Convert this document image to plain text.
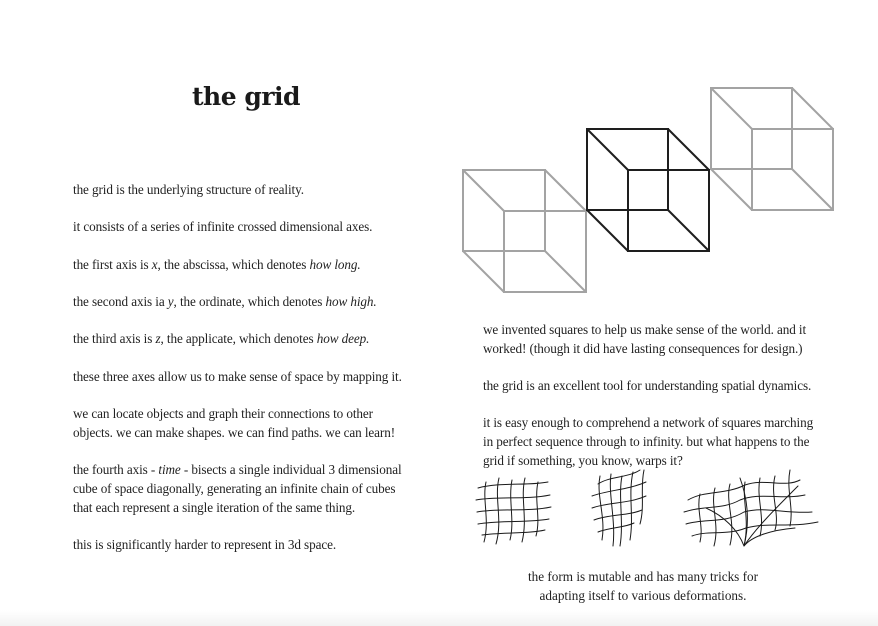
the grid
the grid is the underlying structure of reality.
it consists of a series of infinite crossed dimensional axes.
the first axis is x, the abscissa, which denotes how long.
the second axis ia y, the ordinate, which denotes how high.
the third axis is z, the applicate, which denotes how deep.
these three axes allow us to make sense of space by mapping it.
we can locate objects and graph their connections to other
objects. we can make shapes. we can find paths. we can learn!
the fourth axis - time - bisects a single individual 3 dimensional
cube of space diagonally, generating an infinite chain of cubes
that each represent a single iteration of the same thing.
this is significantly harder to represent in 3d space.
we invented squares to help us make sense of the world. and it
worked! (though it did have lasting consequences for design.)
the grid is an excellent tool for understanding spatial dynamics.
it is easy enough to comprehend a network of squares marching
in perfect sequence through to infinity. but what happens to the
grid if something, you know, warps it?
the form is mutable and has many tricks for
adapting itself to various deformations.
